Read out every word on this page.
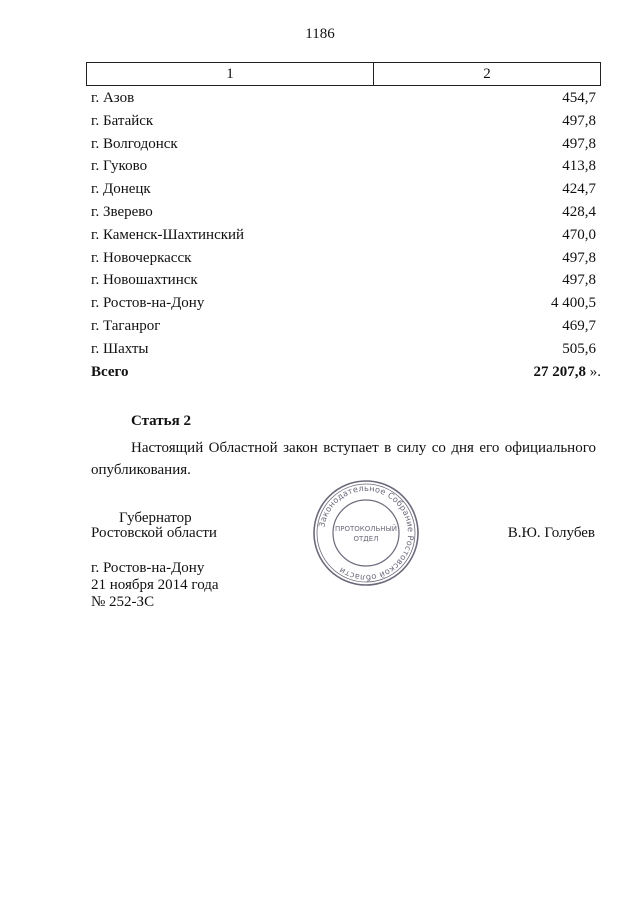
1186
1	2
г. Азов	454,7
г. Батайск	497,8
г. Волгодонск	497,8
г. Гуково	413,8
г. Донецк	424,7
г. Зверево	428,4
г. Каменск-Шахтинский	470,0
г. Новочеркасск	497,8
г. Новошахтинск	497,8
г. Ростов-на-Дону	4 400,5
г. Таганрог	469,7
г. Шахты	505,6
Всего	27 207,8 ».
Статья 2

Настоящий Областной закон вступает в силу со дня его официального опубликования.

Губернатор
Ростовской области	В.Ю. Голубев
Законодательное Собрание Ростовской области
ПРОТОКОЛЬНЫЙ
ОТДЕЛ
г. Ростов-на-Дону
21 ноября 2014 года
№ 252-ЗС
